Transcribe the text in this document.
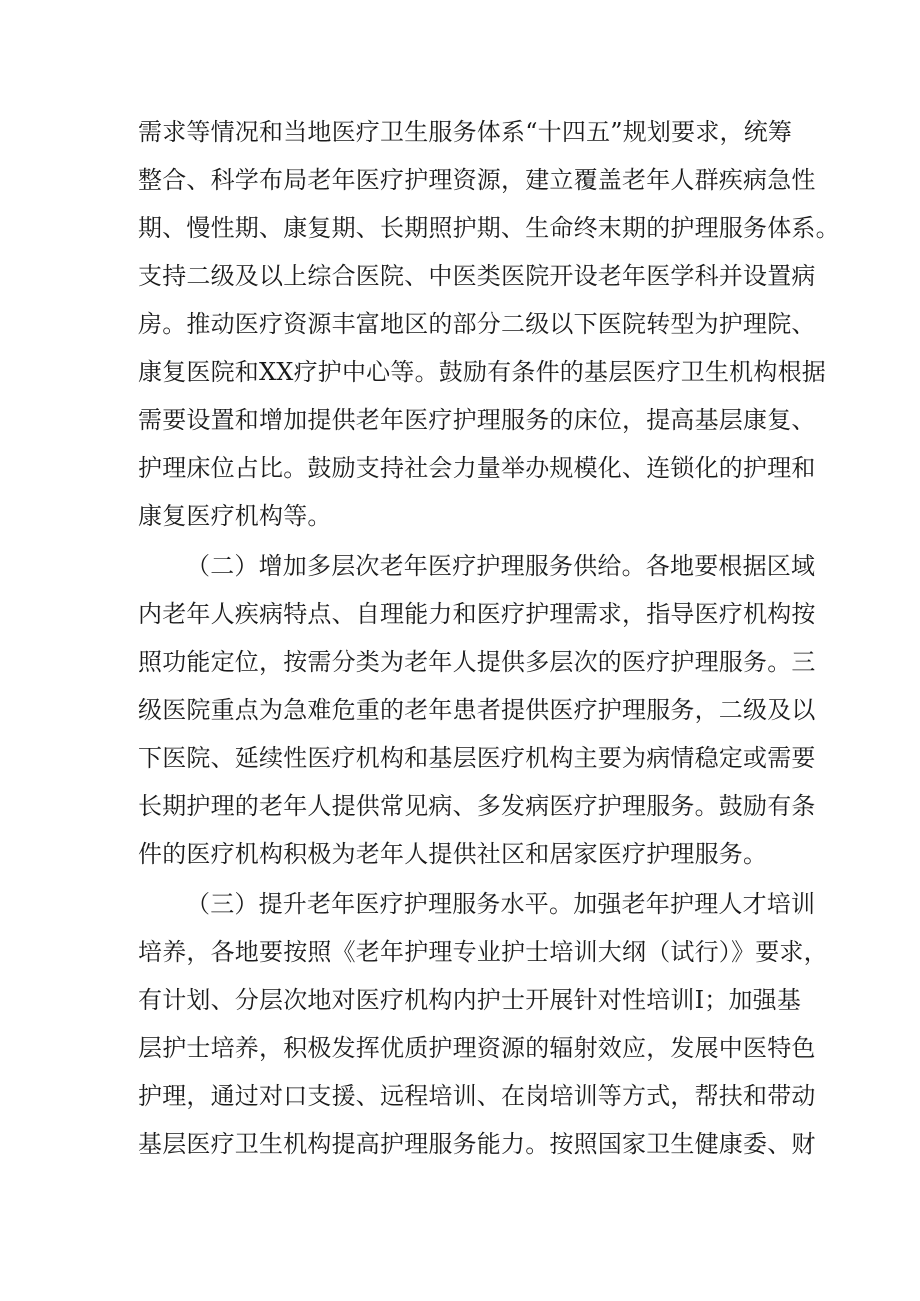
需求等情况和当地医疗卫生服务体系“十四五”规划要求，统筹
整合、科学布局老年医疗护理资源，建立覆盖老年人群疾病急性
期、慢性期、康复期、长期照护期、生命终末期的护理服务体系。
支持二级及以上综合医院、中医类医院开设老年医学科并设置病
房。推动医疗资源丰富地区的部分二级以下医院转型为护理院、
康复医院和XX疗护中心等。鼓励有条件的基层医疗卫生机构根据
需要设置和增加提供老年医疗护理服务的床位，提高基层康复、
护理床位占比。鼓励支持社会力量举办规模化、连锁化的护理和
康复医疗机构等。
（二）增加多层次老年医疗护理服务供给。各地要根据区域
内老年人疾病特点、自理能力和医疗护理需求，指导医疗机构按
照功能定位，按需分类为老年人提供多层次的医疗护理服务。三
级医院重点为急难危重的老年患者提供医疗护理服务，二级及以
下医院、延续性医疗机构和基层医疗机构主要为病情稳定或需要
长期护理的老年人提供常见病、多发病医疗护理服务。鼓励有条
件的医疗机构积极为老年人提供社区和居家医疗护理服务。
（三）提升老年医疗护理服务水平。加强老年护理人才培训
培养，各地要按照《老年护理专业护士培训大纲（试行）》要求，
有计划、分层次地对医疗机构内护士开展针对性培训I；加强基
层护士培养，积极发挥优质护理资源的辐射效应，发展中医特色
护理，通过对口支援、远程培训、在岗培训等方式，帮扶和带动
基层医疗卫生机构提高护理服务能力。按照国家卫生健康委、财
